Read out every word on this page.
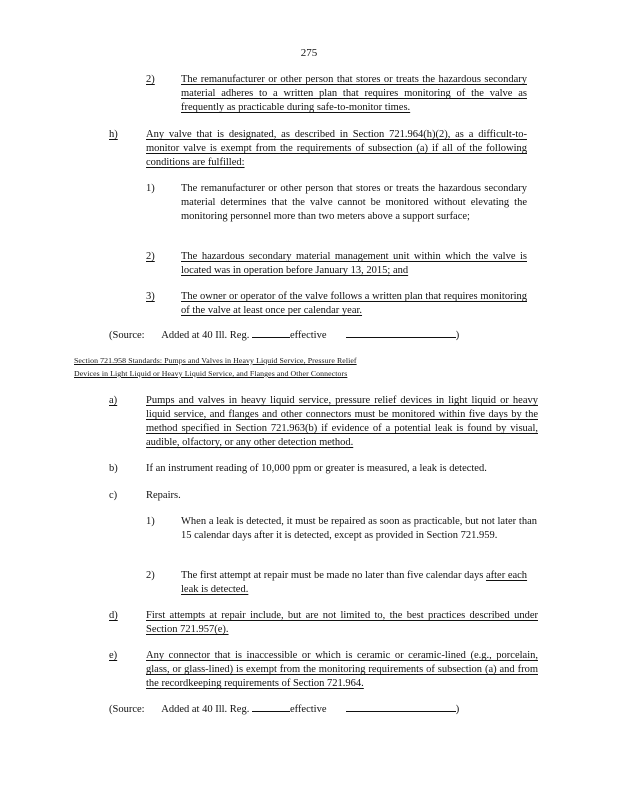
275
2)	The remanufacturer or other person that stores or treats the hazardous secondary material adheres to a written plan that requires monitoring of the valve as frequently as practicable during safe-to-monitor times.
h)	Any valve that is designated, as described in Section 721.964(h)(2), as a difficult-to-monitor valve is exempt from the requirements of subsection (a) if all of the following conditions are fulfilled:
1)	The remanufacturer or other person that stores or treats the hazardous secondary material determines that the valve cannot be monitored without elevating the monitoring personnel more than two meters above a support surface;
2)	The hazardous secondary material management unit within which the valve is located was in operation before January 13, 2015; and
3)	The owner or operator of the valve follows a written plan that requires monitoring of the valve at least once per calendar year.
(Source: Added at 40 Ill. Reg.	effective	)
Section 721.958 Standards: Pumps and Valves in Heavy Liquid Service, Pressure Relief
Devices in Light Liquid or Heavy Liquid Service, and Flanges and Other Connectors
a)	Pumps and valves in heavy liquid service, pressure relief devices in light liquid or heavy liquid service, and flanges and other connectors must be monitored within five days by the method specified in Section 721.963(b) if evidence of a potential leak is found by visual, audible, olfactory, or any other detection method.
b)	If an instrument reading of 10,000 ppm or greater is measured, a leak is detected.
c)	Repairs.
1)	When a leak is detected, it must be repaired as soon as practicable, but not later than 15 calendar days after it is detected, except as provided in Section 721.959.
2)	The first attempt at repair must be made no later than five calendar days after each leak is detected.
d)	First attempts at repair include, but are not limited to, the best practices described under Section 721.957(e).
e)	Any connector that is inaccessible or which is ceramic or ceramic-lined (e.g., porcelain, glass, or glass-lined) is exempt from the monitoring requirements of subsection (a) and from the recordkeeping requirements of Section 721.964.
(Source: Added at 40 Ill. Reg.	effective	)
